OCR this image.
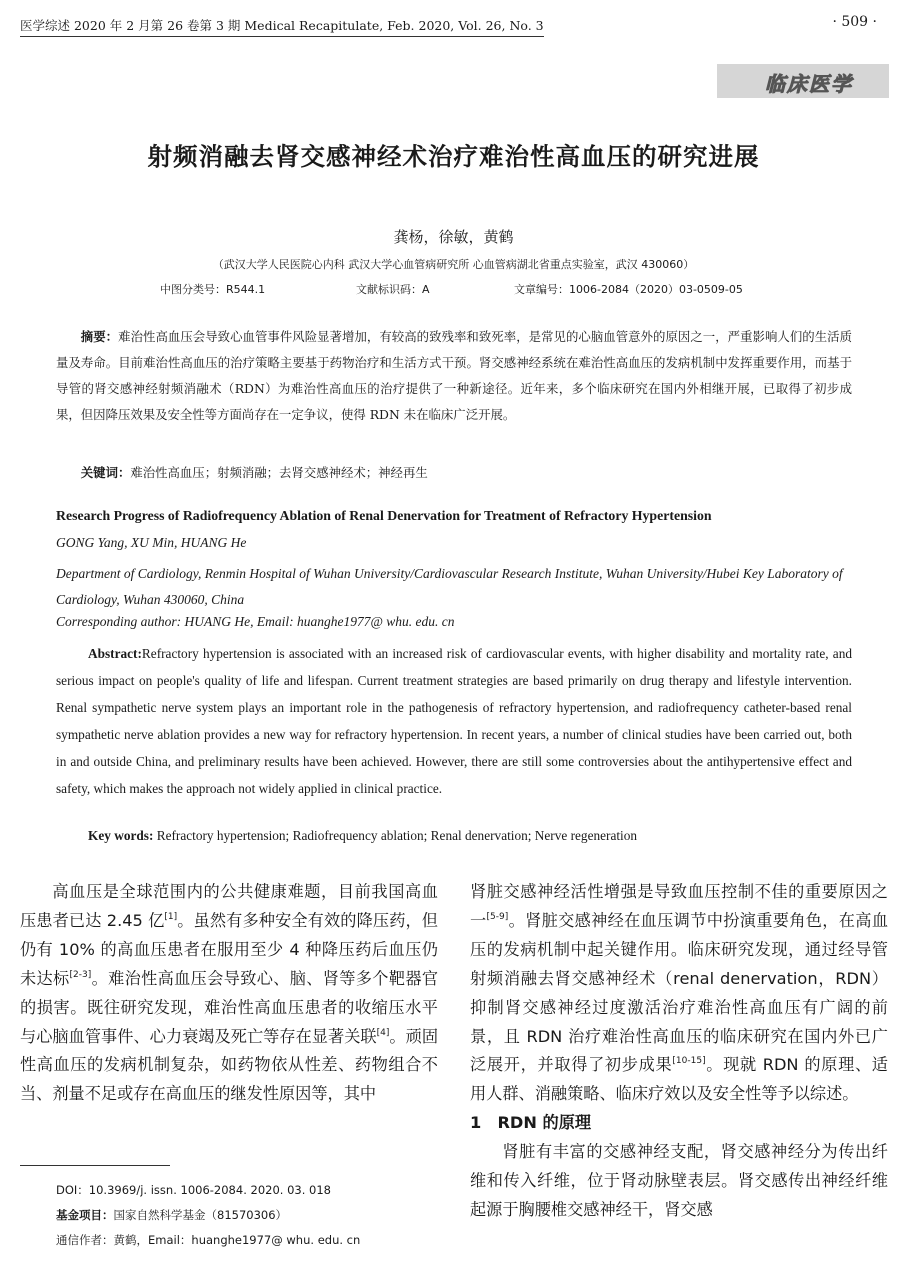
医学综述 2020 年 2 月第 26 卷第 3 期 Medical Recapitulate, Feb. 2020, Vol. 26, No. 3	· 509 ·
临床医学
射频消融去肾交感神经术治疗难治性高血压的研究进展
龚杨，徐敏，黄鹤
（武汉大学人民医院心内科 武汉大学心血管病研究所 心血管病湖北省重点实验室，武汉 430060）
中图分类号：R544.1	文献标识码：A	文章编号：1006-2084（2020）03-0509-05
摘要：难治性高血压会导致心血管事件风险显著增加，有较高的致残率和致死率，是常见的心脑血管意外的原因之一，严重影响人们的生活质量及寿命。目前难治性高血压的治疗策略主要基于药物治疗和生活方式干预。肾交感神经系统在难治性高血压的发病机制中发挥重要作用，而基于导管的肾交感神经射频消融术（RDN）为难治性高血压的治疗提供了一种新途径。近年来，多个临床研究在国内外相继开展，已取得了初步成果，但因降压效果及安全性等方面尚存在一定争议，使得 RDN 未在临床广泛开展。
关键词：难治性高血压；射频消融；去肾交感神经术；神经再生
Research Progress of Radiofrequency Ablation of Renal Denervation for Treatment of Refractory Hypertension
GONG Yang, XU Min, HUANG He
Department of Cardiology, Renmin Hospital of Wuhan University/Cardiovascular Research Institute, Wuhan University/Hubei Key Laboratory of Cardiology, Wuhan 430060, China
Corresponding author: HUANG He, Email: huanghe1977@ whu. edu. cn
Abstract:Refractory hypertension is associated with an increased risk of cardiovascular events, with higher disability and mortality rate, and serious impact on people's quality of life and lifespan. Current treatment strategies are based primarily on drug therapy and lifestyle intervention. Renal sympathetic nerve system plays an important role in the pathogenesis of refractory hypertension, and radiofrequency catheter-based renal sympathetic nerve ablation provides a new way for refractory hypertension. In recent years, a number of clinical studies have been carried out, both in and outside China, and preliminary results have been achieved. However, there are still some controversies about the antihypertensive effect and safety, which makes the approach not widely applied in clinical practice.
Key words: Refractory hypertension; Radiofrequency ablation; Renal denervation; Nerve regeneration

高血压是全球范围内的公共健康难题，目前我国高血压患者已达 2.45 亿[1]。虽然有多种安全有效的降压药，但仍有 10% 的高血压患者在服用至少 4 种降压药后血压仍未达标[2-3]。难治性高血压会导致心、脑、肾等多个靶器官的损害。既往研究发现，难治性高血压患者的收缩压水平与心脑血管事件、心力衰竭及死亡等存在显著关联[4]。顽固性高血压的发病机制复杂，如药物依从性差、药物组合不当、剂量不足或存在高血压的继发性原因等，其中

肾脏交感神经活性增强是导致血压控制不佳的重要原因之一[5-9]。肾脏交感神经在血压调节中扮演重要角色，在高血压的发病机制中起关键作用。临床研究发现，通过经导管射频消融去肾交感神经术（renal denervation，RDN）抑制肾交感神经过度激活治疗难治性高血压有广阔的前景，且 RDN 治疗难治性高血压的临床研究在国内外已广泛展开，并取得了初步成果[10-15]。现就 RDN 的原理、适用人群、消融策略、临床疗效以及安全性等予以综述。

1　RDN 的原理

肾脏有丰富的交感神经支配，肾交感神经分为传出纤维和传入纤维，位于肾动脉壁表层。肾交感传出神经纤维起源于胸腰椎交感神经干，肾交感

DOI：10.3969/j. issn. 1006-2084. 2020. 03. 018
基金项目：国家自然科学基金（81570306）
通信作者：黄鹤，Email：huanghe1977@ whu. edu. cn
